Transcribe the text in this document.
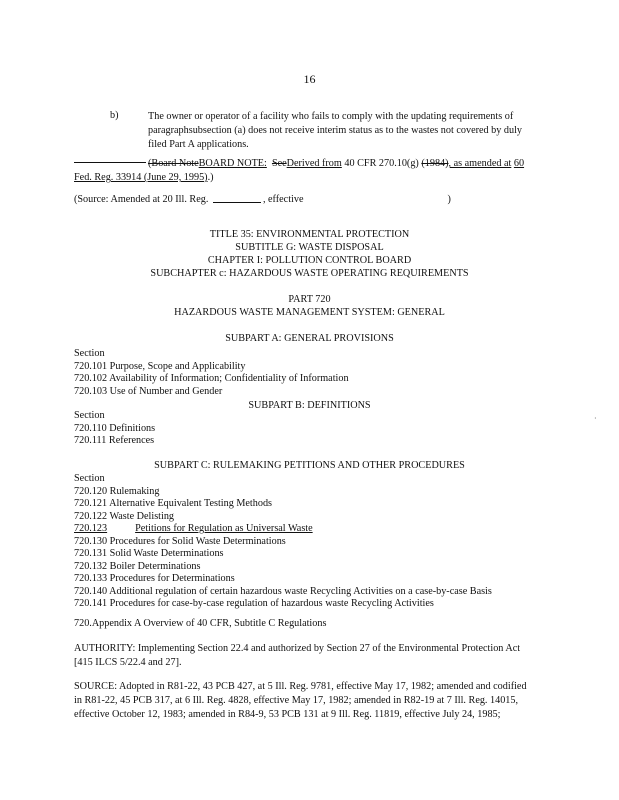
16
b)	The owner or operator of a facility who fails to comply with the updating requirements of paragraphsubsection (a) does not receive interim status as to the wastes not covered by duly filed Part A applications.
(Board NoteBOARD NOTE: SeeDerived from 40 CFR 270.10(g) (1984), as amended at 60
Fed. Reg. 33914 (June 29, 1995).)
(Source: Amended at 20 Ill. Reg.	, effective	)
TITLE 35: ENVIRONMENTAL PROTECTION
SUBTITLE G: WASTE DISPOSAL
CHAPTER I: POLLUTION CONTROL BOARD
SUBCHAPTER c: HAZARDOUS WASTE OPERATING REQUIREMENTS
PART 720
HAZARDOUS WASTE MANAGEMENT SYSTEM: GENERAL
SUBPART A: GENERAL PROVISIONS
Section
720.101 Purpose, Scope and Applicability
720.102 Availability of Information; Confidentiality of Information
720.103 Use of Number and Gender
SUBPART B: DEFINITIONS
Section
720.110 Definitions
720.111 References
SUBPART C: RULEMAKING PETITIONS AND OTHER PROCEDURES
Section
720.120 Rulemaking
720.121 Alternative Equivalent Testing Methods
720.122 Waste Delisting
720.123	Petitions for Regulation as Universal Waste
720.130 Procedures for Solid Waste Determinations
720.131 Solid Waste Determinations
720.132 Boiler Determinations
720.133 Procedures for Determinations
720.140 Additional regulation of certain hazardous waste Recycling Activities on a case-by-case Basis
720.141 Procedures for case-by-case regulation of hazardous waste Recycling Activities
720.Appendix A Overview of 40 CFR, Subtitle C Regulations
AUTHORITY: Implementing Section 22.4 and authorized by Section 27 of the Environmental Protection Act [415 ILCS 5/22.4 and 27].
SOURCE: Adopted in R81-22, 43 PCB 427, at 5 Ill. Reg. 9781, effective May 17, 1982; amended and codified in R81-22, 45 PCB 317, at 6 Ill. Reg. 4828, effective May 17, 1982; amended in R82-19 at 7 Ill. Reg. 14015, effective October 12, 1983; amended in R84-9, 53 PCB 131 at 9 Ill. Reg. 11819, effective July 24, 1985;
·
